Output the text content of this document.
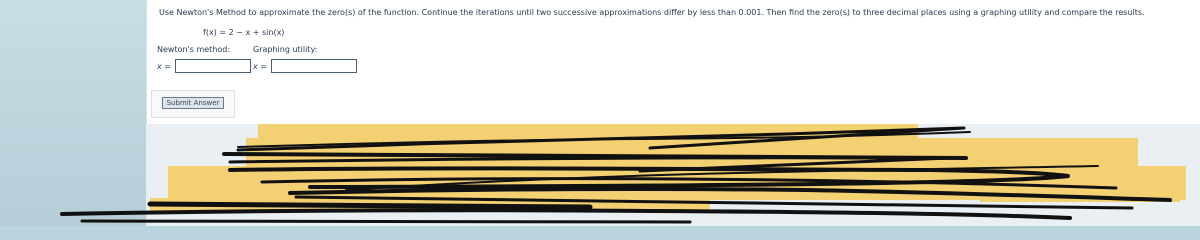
Use Newton's Method to approximate the zero(s) of the function. Continue the iterations until two successive approximations differ by less than 0.001. Then find the zero(s) to three decimal places using a graphing utility and compare the results.
f(x) = 2 − x + sin(x)
Newton's method:	Graphing utility:
x =	x =
Submit Answer
